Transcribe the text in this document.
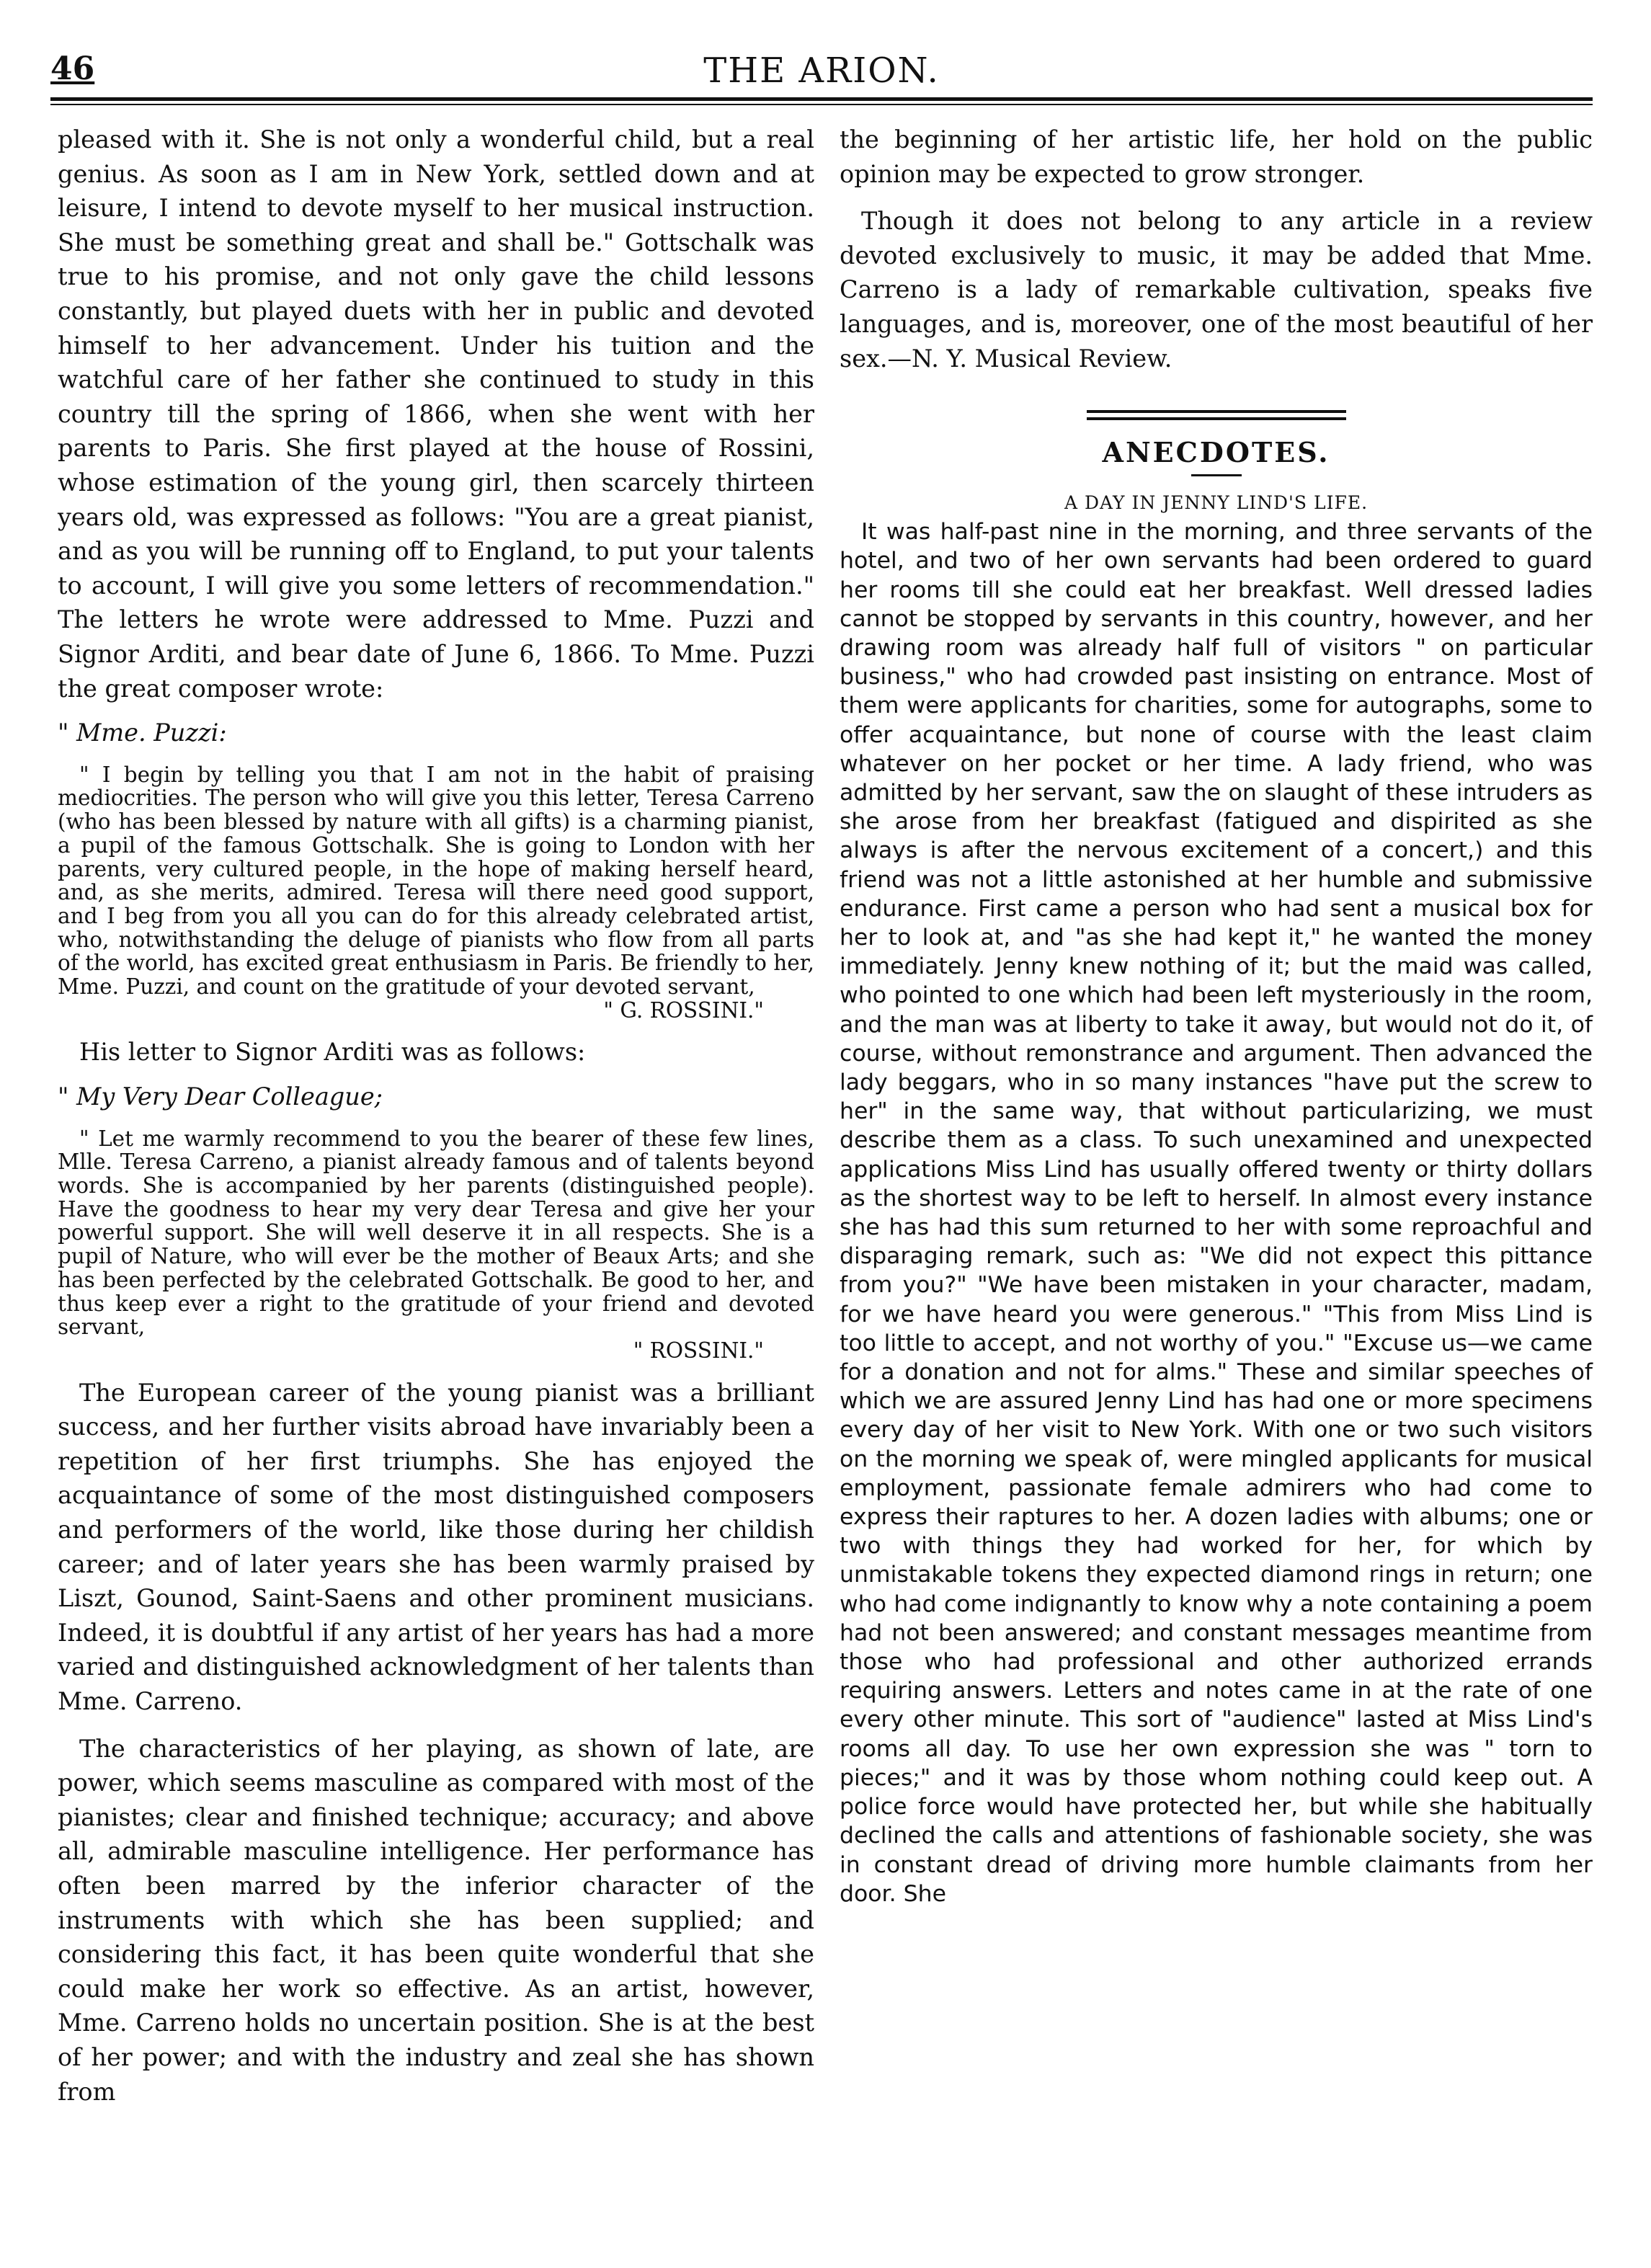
46	THE ARION.

pleased with it. She is not only a wonderful child, but a real genius. As soon as I am in New York, settled down and at leisure, I intend to devote myself to her musical instruction. She must be something great and shall be." Gottschalk was true to his promise, and not only gave the child lessons constantly, but played duets with her in public and devoted himself to her advancement. Under his tuition and the watchful care of her father she continued to study in this country till the spring of 1866, when she went with her parents to Paris. She first played at the house of Rossini, whose estimation of the young girl, then scarcely thirteen years old, was expressed as follows: "You are a great pianist, and as you will be running off to England, to put your talents to account, I will give you some letters of recommendation." The letters he wrote were addressed to Mme. Puzzi and Signor Arditi, and bear date of June 6, 1866. To Mme. Puzzi the great composer wrote:

" Mme. Puzzi:

" I begin by telling you that I am not in the habit of praising mediocrities. The person who will give you this letter, Teresa Carreno (who has been blessed by nature with all gifts) is a charming pianist, a pupil of the famous Gottschalk. She is going to London with her parents, very cultured people, in the hope of making herself heard, and, as she merits, admired. Teresa will there need good support, and I beg from you all you can do for this already celebrated artist, who, notwithstanding the deluge of pianists who flow from all parts of the world, has excited great enthusiasm in Paris. Be friendly to her, Mme. Puzzi, and count on the gratitude of your devoted servant,
" G. ROSSINI."

His letter to Signor Arditi was as follows:

" My Very Dear Colleague;

" Let me warmly recommend to you the bearer of these few lines, Mlle. Teresa Carreno, a pianist already famous and of talents beyond words. She is accompanied by her parents (distinguished people). Have the goodness to hear my very dear Teresa and give her your powerful support. She will well deserve it in all respects. She is a pupil of Nature, who will ever be the mother of Beaux Arts; and she has been perfected by the celebrated Gottschalk. Be good to her, and thus keep ever a right to the gratitude of your friend and devoted servant,
" ROSSINI."

The European career of the young pianist was a brilliant success, and her further visits abroad have invariably been a repetition of her first triumphs. She has enjoyed the acquaintance of some of the most distinguished composers and performers of the world, like those during her childish career; and of later years she has been warmly praised by Liszt, Gounod, Saint-Saens and other prominent musicians. Indeed, it is doubtful if any artist of her years has had a more varied and distinguished acknowledgment of her talents than Mme. Carreno.

The characteristics of her playing, as shown of late, are power, which seems masculine as compared with most of the pianistes; clear and finished technique; accuracy; and above all, admirable masculine intelligence. Her performance has often been marred by the inferior character of the instruments with which she has been supplied; and considering this fact, it has been quite wonderful that she could make her work so effective. As an artist, however, Mme. Carreno holds no uncertain position. She is at the best of her power; and with the industry and zeal she has shown from

the beginning of her artistic life, her hold on the public opinion may be expected to grow stronger.

Though it does not belong to any article in a review devoted exclusively to music, it may be added that Mme. Carreno is a lady of remarkable cultivation, speaks five languages, and is, moreover, one of the most beautiful of her sex.—N. Y. Musical Review.

ANECDOTES.
A DAY IN JENNY LIND'S LIFE.

It was half-past nine in the morning, and three servants of the hotel, and two of her own servants had been ordered to guard her rooms till she could eat her breakfast. Well dressed ladies cannot be stopped by servants in this country, however, and her drawing room was already half full of visitors " on particular business," who had crowded past insisting on entrance. Most of them were applicants for charities, some for autographs, some to offer acquaintance, but none of course with the least claim whatever on her pocket or her time. A lady friend, who was admitted by her servant, saw the on slaught of these intruders as she arose from her breakfast (fatigued and dispirited as she always is after the nervous excitement of a concert,) and this friend was not a little astonished at her humble and submissive endurance. First came a person who had sent a musical box for her to look at, and "as she had kept it," he wanted the money immediately. Jenny knew nothing of it; but the maid was called, who pointed to one which had been left mysteriously in the room, and the man was at liberty to take it away, but would not do it, of course, without remonstrance and argument. Then advanced the lady beggars, who in so many instances "have put the screw to her" in the same way, that without particularizing, we must describe them as a class. To such unexamined and unexpected applications Miss Lind has usually offered twenty or thirty dollars as the shortest way to be left to herself. In almost every instance she has had this sum returned to her with some reproachful and disparaging remark, such as: "We did not expect this pittance from you?" "We have been mistaken in your character, madam, for we have heard you were generous." "This from Miss Lind is too little to accept, and not worthy of you." "Excuse us—we came for a donation and not for alms." These and similar speeches of which we are assured Jenny Lind has had one or more specimens every day of her visit to New York. With one or two such visitors on the morning we speak of, were mingled applicants for musical employment, passionate female admirers who had come to express their raptures to her. A dozen ladies with albums; one or two with things they had worked for her, for which by unmistakable tokens they expected diamond rings in return; one who had come indignantly to know why a note containing a poem had not been answered; and constant messages meantime from those who had professional and other authorized errands requiring answers. Letters and notes came in at the rate of one every other minute. This sort of "audience" lasted at Miss Lind's rooms all day. To use her own expression she was " torn to pieces;" and it was by those whom nothing could keep out. A police force would have protected her, but while she habitually declined the calls and attentions of fashionable society, she was in constant dread of driving more humble claimants from her door. She
